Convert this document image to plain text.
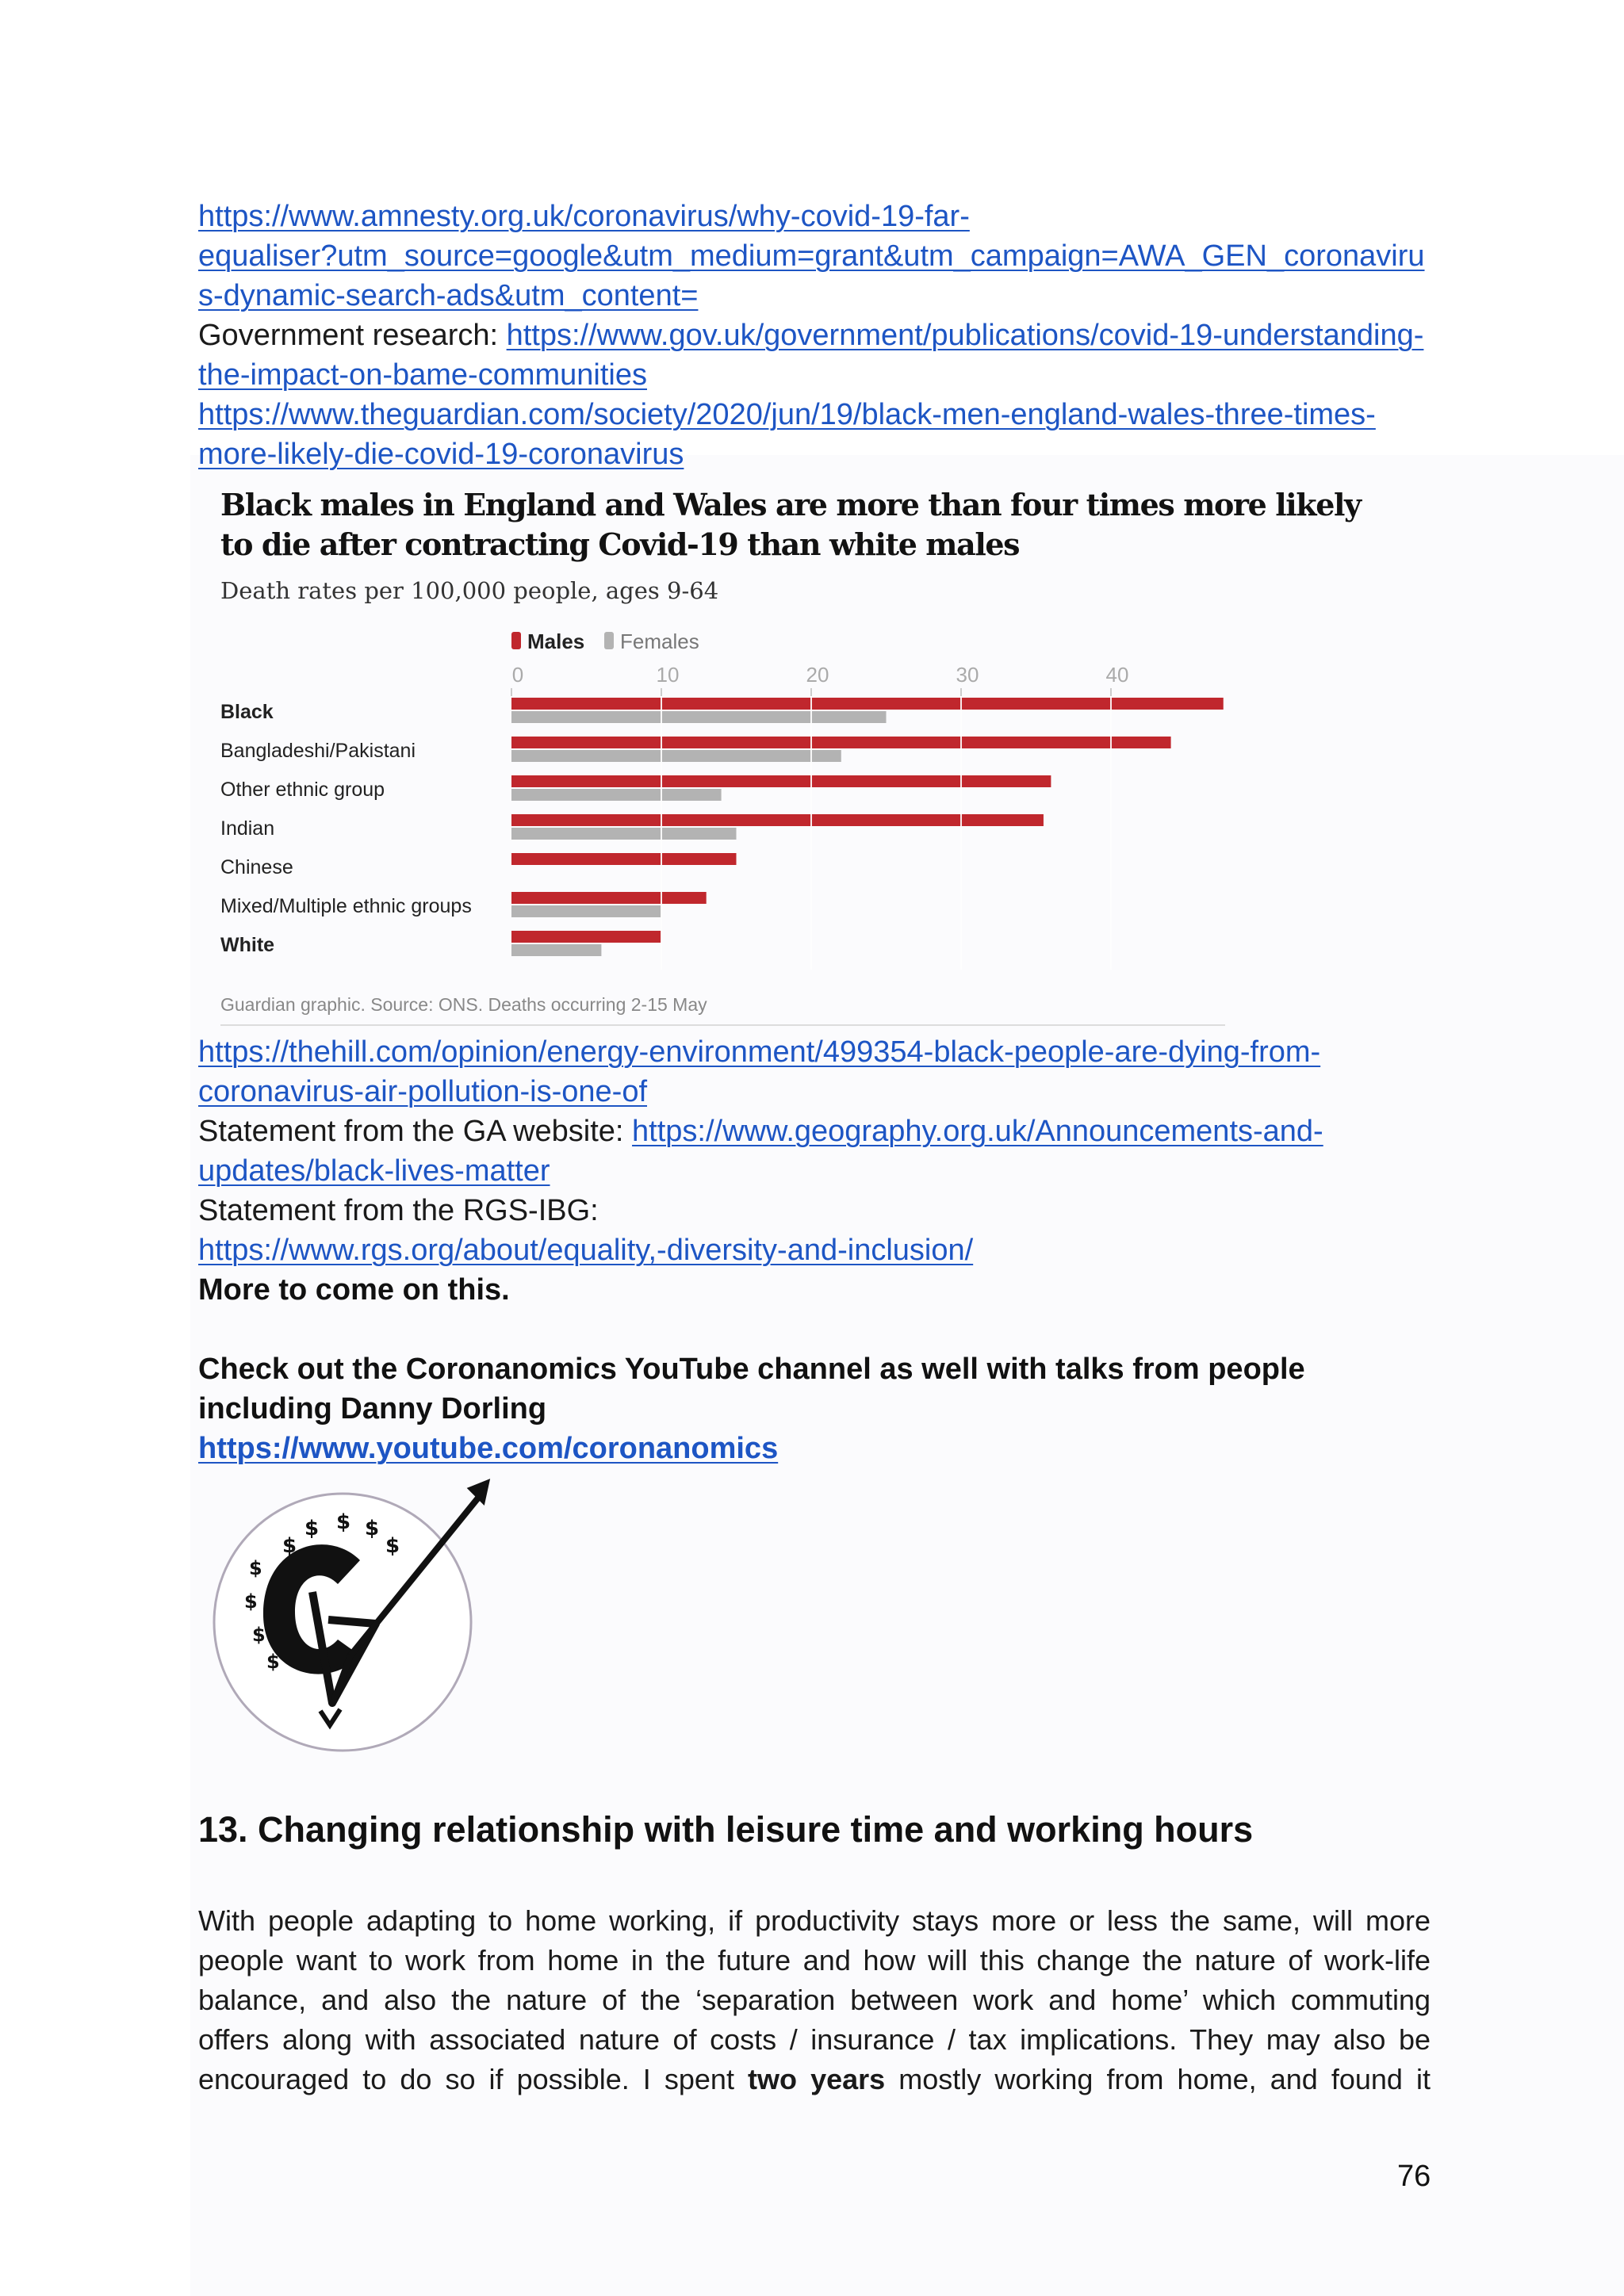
https://www.amnesty.org.uk/coronavirus/why-covid-19-far-
equaliser?utm_source=google&utm_medium=grant&utm_campaign=AWA_GEN_coronaviru
s-dynamic-search-ads&utm_content=
Government research: https://www.gov.uk/government/publications/covid-19-understanding-
the-impact-on-bame-communities
https://www.theguardian.com/society/2020/jun/19/black-men-england-wales-three-times-
more-likely-die-covid-19-coronavirus
Black males in England and Wales are more than four times more likely
to die after contracting Covid-19 than white males
Death rates per 100,000 people, ages 9-64
Males Females
0	10	20	30	40
Black
Bangladeshi/Pakistani
Other ethnic group
Indian
Chinese
Mixed/Multiple ethnic groups
White
Guardian graphic. Source: ONS. Deaths occurring 2-15 May
https://thehill.com/opinion/energy-environment/499354-black-people-are-dying-from-
coronavirus-air-pollution-is-one-of
Statement from the GA website: https://www.geography.org.uk/Announcements-and-
updates/black-lives-matter
Statement from the RGS-IBG:
https://www.rgs.org/about/equality,-diversity-and-inclusion/
More to come on this.
Check out the Coronanomics YouTube channel as well with talks from people
including Danny Dorling
https://www.youtube.com/coronanomics
$
$ $ $
$
$
$
$
$
13. Changing relationship with leisure time and working hours
With people adapting to home working, if productivity stays more or less the same, will more
people want to work from home in the future and how will this change the nature of work-life
balance, and also the nature of the ‘separation between work and home’ which commuting
offers along with associated nature of costs / insurance / tax implications. They may also be
encouraged to do so if possible. I spent two years mostly working from home, and found it
76
